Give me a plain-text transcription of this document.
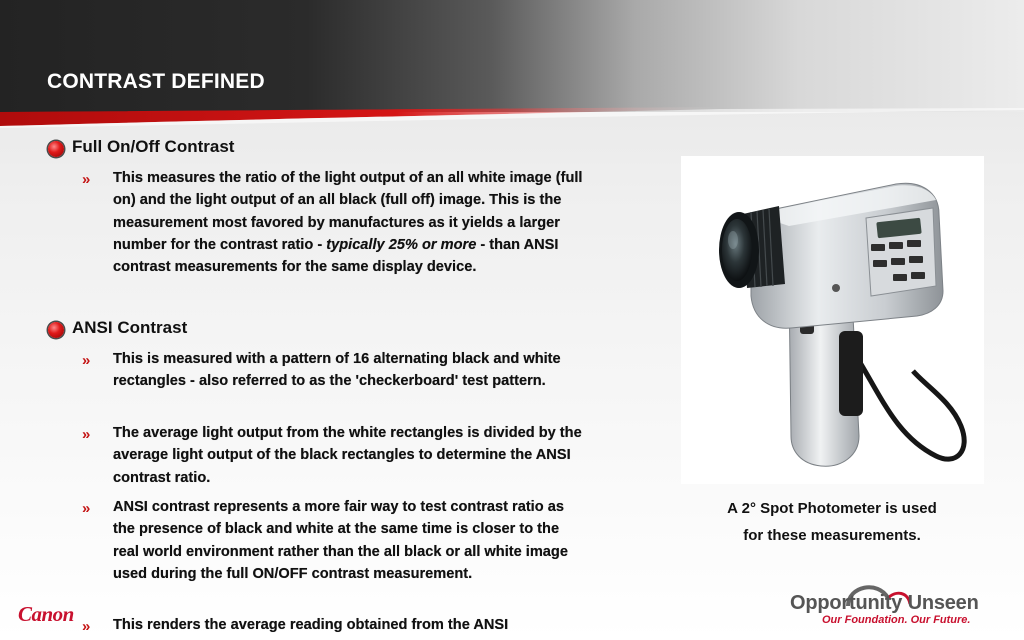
CONTRAST DEFINED
Full On/Off Contrast
»	This measures the ratio of the light output of an all white image (full on) and the light output of an all black (full off) image. This is the measurement most favored by manufactures as it yields a larger number for the contrast ratio - typically 25% or more - than ANSI contrast measurements for the same display device.
ANSI Contrast
»	This is measured with a pattern of 16 alternating black and white rectangles - also referred to as the 'checkerboard' test pattern.
»	The average light output from the white rectangles is divided by the average light output of the black rectangles to determine the ANSI contrast ratio.
»	ANSI contrast represents a more fair way to test contrast ratio as the presence of black and white at the same time is closer to the real world environment rather than the all black or all white image used during the full ON/OFF contrast measurement.
»	This renders the average reading obtained from the ANSI
A 2° Spot Photometer is used for these measurements.
Canon	Opportunity Unseen
Our Foundation. Our Future.
